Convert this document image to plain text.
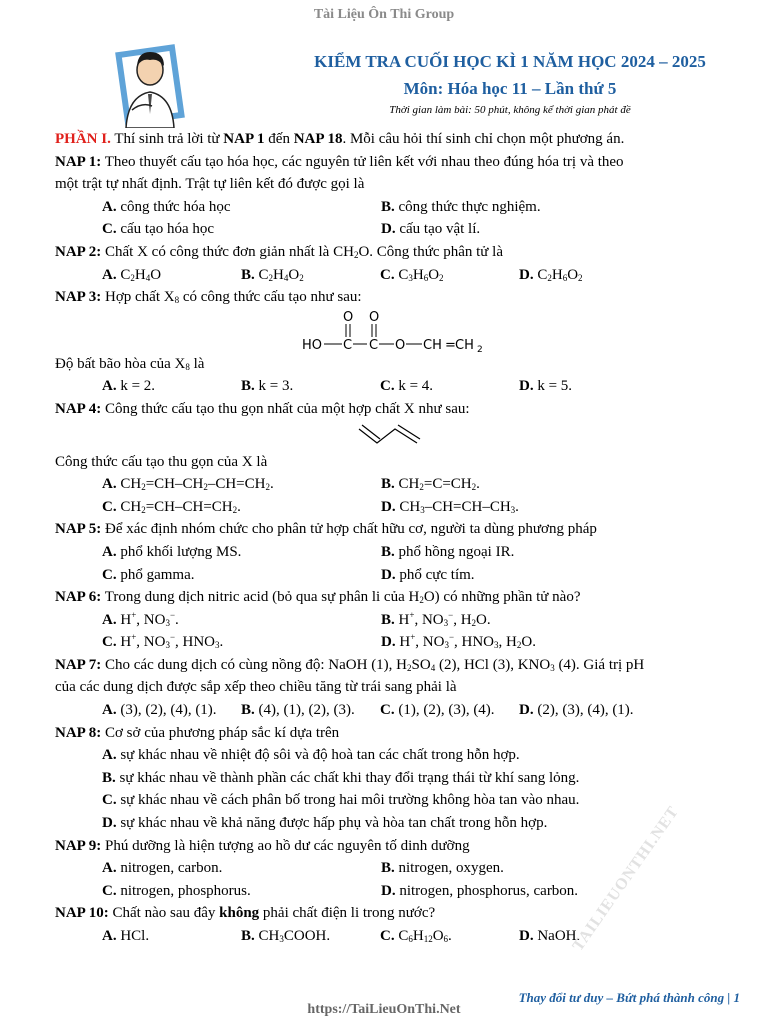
Tài Liệu Ôn Thi Group
KIỂM TRA CUỐI HỌC KÌ 1 NĂM HỌC 2024 – 2025
Môn: Hóa học 11 – Lần thứ 5
Thời gian làm bài: 50 phút, không kể thời gian phát đề
PHẦN I. Thí sinh trả lời từ NAP 1 đến NAP 18. Mỗi câu hỏi thí sinh chỉ chọn một phương án.
NAP 1: Theo thuyết cấu tạo hóa học, các nguyên tử liên kết với nhau theo đúng hóa trị và theo
một trật tự nhất định. Trật tự liên kết đó được gọi là
A. công thức hóa học	B. công thức thực nghiệm.
C. cấu tạo hóa học	D. cấu tạo vật lí.
NAP 2: Chất X có công thức đơn giản nhất là $CH_2O$. Công thức phân tử là
A. $C_2H_4O$	B. $C_2H_4O_2$	C. $C_3H_6O_2$	D. $C_2H_6O_2$
NAP 3: Hợp chất $X_8$ có công thức cấu tạo như sau:
O O
HO C C O CH = CH 2
Độ bất bão hòa của $X_8$ là
A. k = 2.	B. k = 3.	C. k = 4.	D. k = 5.
NAP 4: Công thức cấu tạo thu gọn nhất của một hợp chất X như sau:
Công thức cấu tạo thu gọn của X là
A. $CH_2=CH-CH_2-CH=CH_2$.	B. $CH_2=C=CH_2$.
C. $CH_2=CH-CH=CH_2$.	D. $CH_3-CH=CH-CH_3$.
NAP 5: Để xác định nhóm chức cho phân tử hợp chất hữu cơ, người ta dùng phương pháp
A. phổ khối lượng MS.	B. phổ hồng ngoại IR.
C. phổ gamma.	D. phổ cực tím.
NAP 6: Trong dung dịch nitric acid (bỏ qua sự phân li của $H_2O$) có những phần tử nào?
A. H+, $NO_3^-$.	B. H+, $NO_3^-$, $H_2O$.
C. H+, $NO_3^-$, $HNO_3$.	D. H+, $NO_3^-$, $HNO_3$, $H_2O$.
NAP 7: Cho các dung dịch có cùng nồng độ: NaOH (1), $H_2SO_4$ (2), HCl (3), $KNO_3$ (4). Giá trị pH
của các dung dịch được sắp xếp theo chiều tăng từ trái sang phải là
A. (3), (2), (4), (1).	B. (4), (1), (2), (3).	C. (1), (2), (3), (4).	D. (2), (3), (4), (1).
NAP 8: Cơ sở của phương pháp sắc kí dựa trên
A. sự khác nhau về nhiệt độ sôi và độ hoà tan các chất trong hỗn hợp.
B. sự khác nhau về thành phần các chất khi thay đổi trạng thái từ khí sang lỏng.
C. sự khác nhau về cách phân bố trong hai môi trường không hòa tan vào nhau.
D. sự khác nhau về khả năng được hấp phụ và hòa tan chất trong hỗn hợp.
NAP 9: Phú dưỡng là hiện tượng ao hồ dư các nguyên tố dinh dưỡng
A. nitrogen, carbon.	B. nitrogen, oxygen.
C. nitrogen, phosphorus.	D. nitrogen, phosphorus, carbon.
NAP 10: Chất nào sau đây không phải chất điện li trong nước?
A. HCl.	B. $CH_3COOH$.	C. $C_6H_{12}O_6$.	D. NaOH.
TAILIEUONTHI.NET
Thay đổi tư duy – Bứt phá thành công | 1
https://TaiLieuOnThi.Net
